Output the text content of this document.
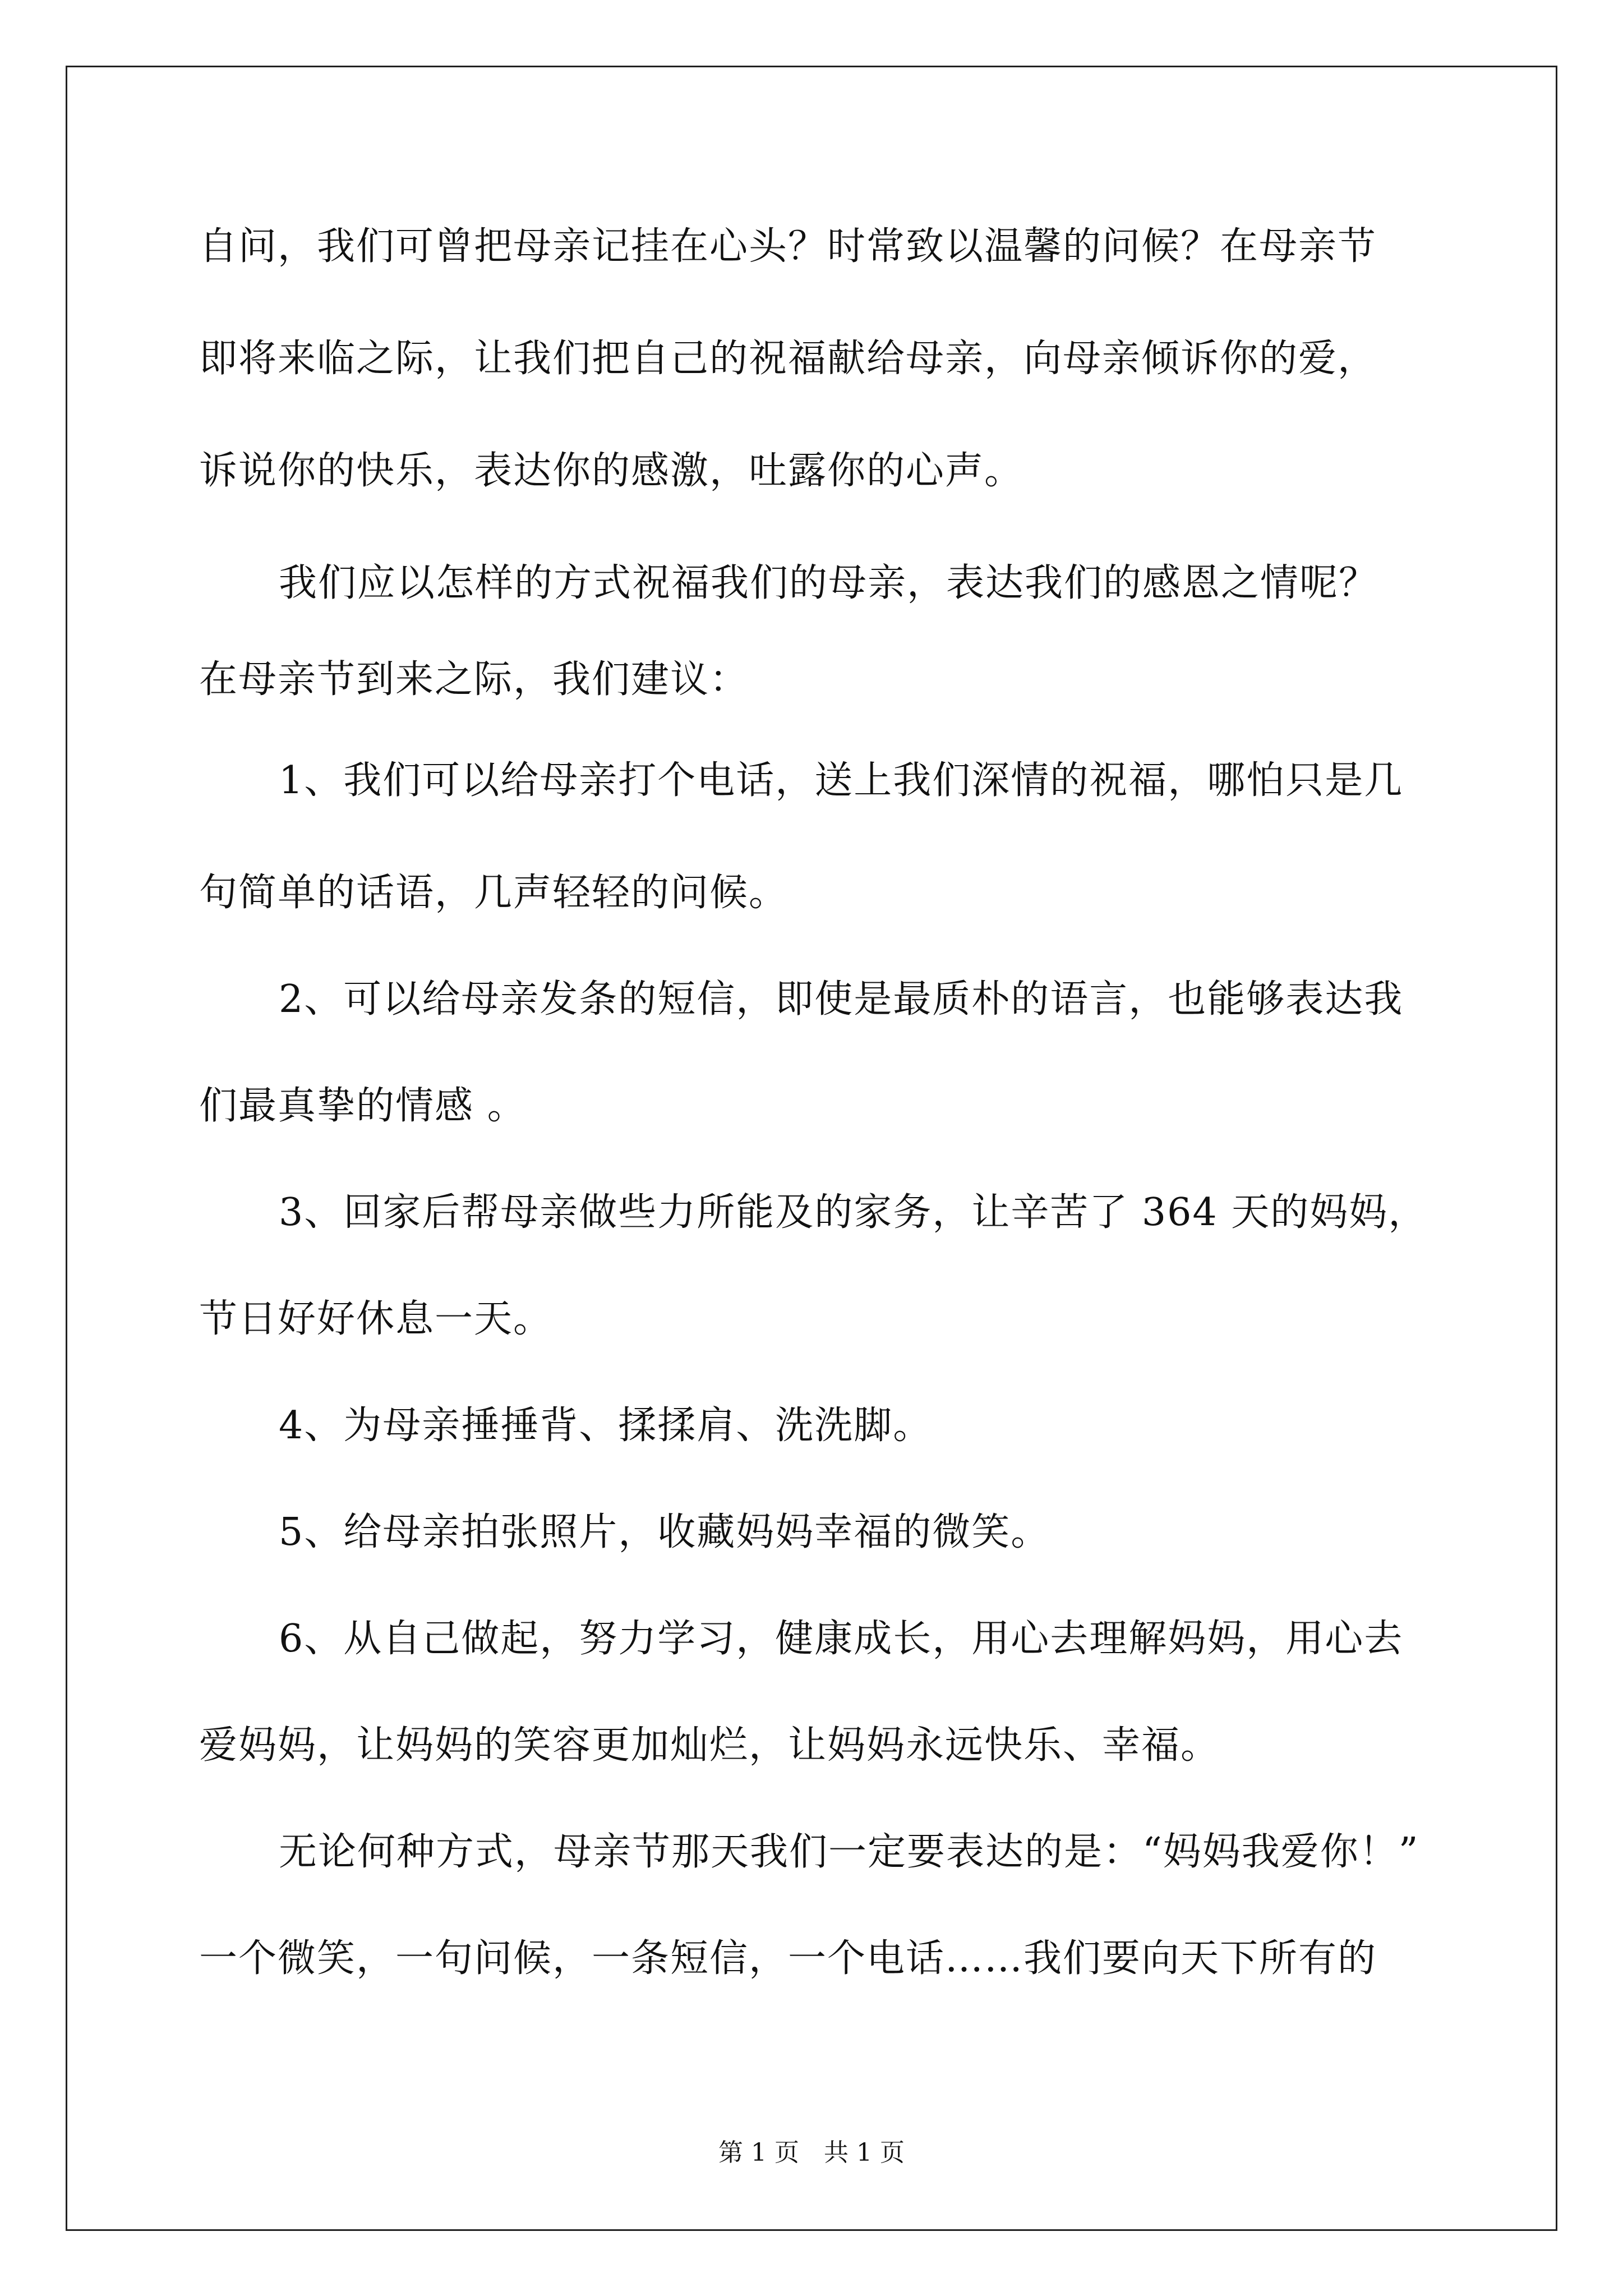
自问，我们可曾把母亲记挂在心头？时常致以温馨的问候？在母亲节
即将来临之际，让我们把自己的祝福献给母亲，向母亲倾诉你的爱，
诉说你的快乐，表达你的感激，吐露你的心声。
我们应以怎样的方式祝福我们的母亲，表达我们的感恩之情呢？
在母亲节到来之际，我们建议：
1、我们可以给母亲打个电话，送上我们深情的祝福，哪怕只是几
句简单的话语，几声轻轻的问候。
2、可以给母亲发条的短信，即使是最质朴的语言，也能够表达我
们最真挚的情感 。
3、回家后帮母亲做些力所能及的家务，让辛苦了 364 天的妈妈，
节日好好休息一天。
4、为母亲捶捶背、揉揉肩、洗洗脚。
5、给母亲拍张照片，收藏妈妈幸福的微笑。
6、从自己做起，努力学习，健康成长，用心去理解妈妈，用心去
爱妈妈，让妈妈的笑容更加灿烂，让妈妈永远快乐、幸福。
无论何种方式，母亲节那天我们一定要表达的是：“妈妈我爱你！”
一个微笑，一句问候，一条短信，一个电话……我们要向天下所有的
第 1 页　共 1 页
